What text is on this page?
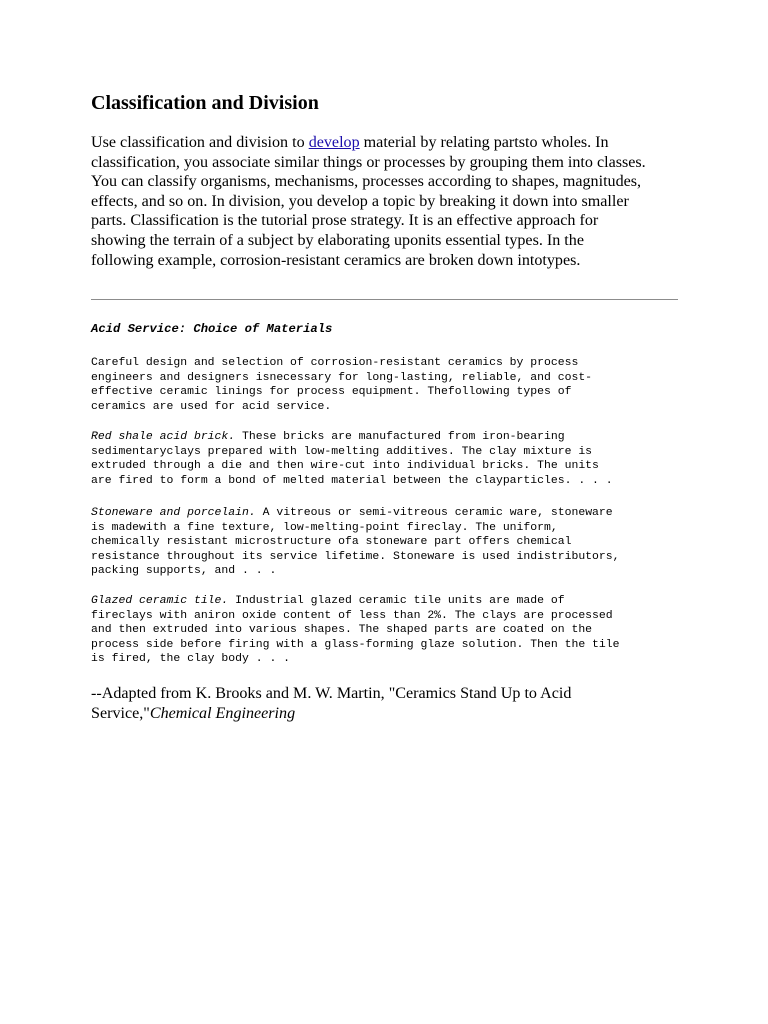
Classification and Division

Use classification and division to develop material by relating partsto wholes. In
classification, you associate similar things or processes by grouping them into classes.
You can classify organisms, mechanisms, processes according to shapes, magnitudes,
effects, and so on. In division, you develop a topic by breaking it down into smaller
parts. Classification is the tutorial prose strategy. It is an effective approach for
showing the terrain of a subject by elaborating uponits essential types. In the
following example, corrosion-resistant ceramics are broken down intotypes.

Acid Service: Choice of Materials
Careful design and selection of corrosion-resistant ceramics by process
engineers and designers isnecessary for long-lasting, reliable, and cost-
effective ceramic linings for process equipment. Thefollowing types of
ceramics are used for acid service.
Red shale acid brick. These bricks are manufactured from iron-bearing
sedimentaryclays prepared with low-melting additives. The clay mixture is
extruded through a die and then wire-cut into individual bricks. The units
are fired to form a bond of melted material between the clayparticles. . . .
Stoneware and porcelain. A vitreous or semi-vitreous ceramic ware, stoneware
is madewith a fine texture, low-melting-point fireclay. The uniform,
chemically resistant microstructure ofa stoneware part offers chemical
resistance throughout its service lifetime. Stoneware is used indistributors,
packing supports, and . . .
Glazed ceramic tile. Industrial glazed ceramic tile units are made of
fireclays with aniron oxide content of less than 2%. The clays are processed
and then extruded into various shapes. The shaped parts are coated on the
process side before firing with a glass-forming glaze solution. Then the tile
is fired, the clay body . . .

--Adapted from K. Brooks and M. W. Martin, "Ceramics Stand Up to Acid
Service,"Chemical Engineering
